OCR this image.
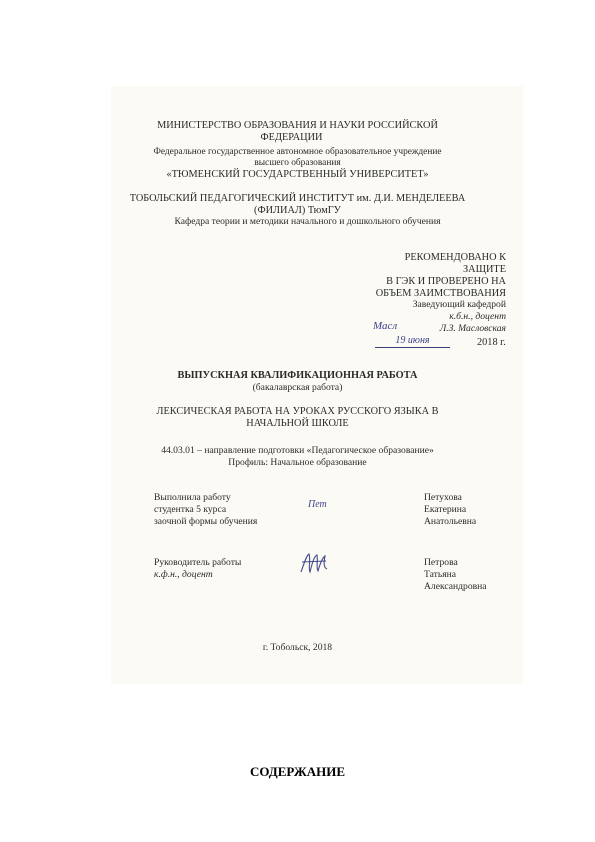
МИНИСТЕРСТВО ОБРАЗОВАНИЯ И НАУКИ РОССИЙСКОЙ
ФЕДЕРАЦИИ
Федеральное государственное автономное образовательное учреждение
высшего образования
«ТЮМЕНСКИЙ ГОСУДАРСТВЕННЫЙ УНИВЕРСИТЕТ»
ТОБОЛЬСКИЙ ПЕДАГОГИЧЕСКИЙ ИНСТИТУТ им. Д.И. МЕНДЕЛЕЕВА
(ФИЛИАЛ) ТюмГУ
Кафедра теории и методики начального и дошкольного обучения
РЕКОМЕНДОВАНО К
ЗАЩИТЕ
В ГЭК И ПРОВЕРЕНО НА
ОБЪЕМ ЗАИМСТВОВАНИЯ
Заведующий кафедрой
к.б.н., доцент
Масл	Л.З. Масловская
19 июня	2018 г.
ВЫПУСКНАЯ КВАЛИФИКАЦИОННАЯ РАБОТА
(бакалаврская работа)
ЛЕКСИЧЕСКАЯ РАБОТА НА УРОКАХ РУССКОГО ЯЗЫКА В
НАЧАЛЬНОЙ ШКОЛЕ
44.03.01 – направление подготовки «Педагогическое образование»
Профиль: Начальное образование
Выполнила работу
студентка 5 курса
заочной формы обучения
Пет
Петухова
Екатерина
Анатольевна
Руководитель работы
к.ф.н., доцент
Петрова
Татьяна
Александровна
г. Тобольск, 2018
СОДЕРЖАНИЕ
